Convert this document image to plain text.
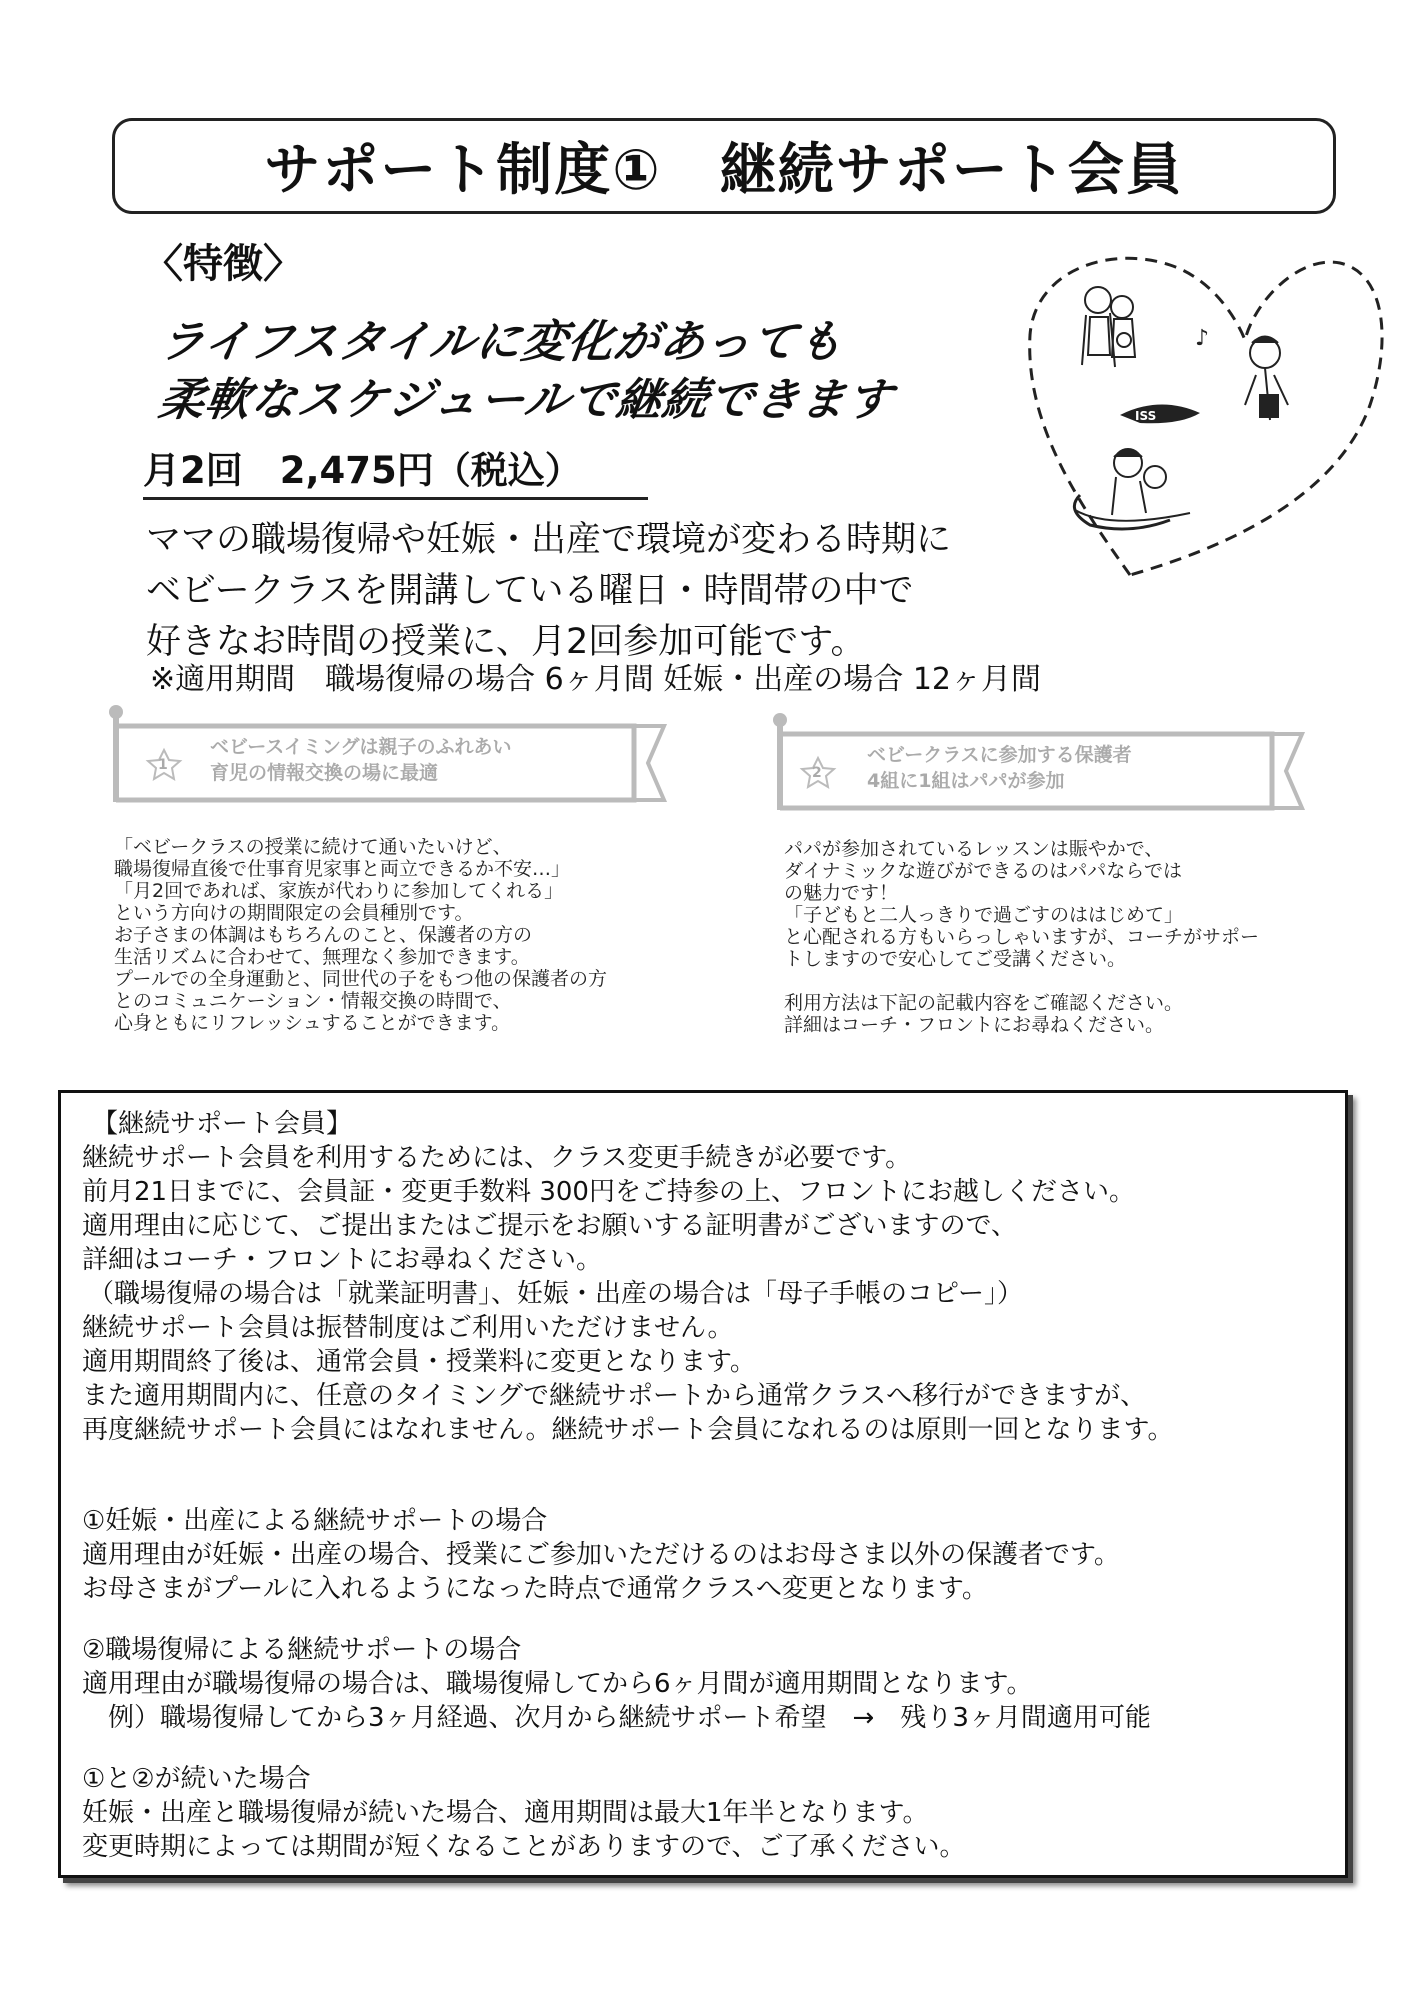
サポート制度①　継続サポート会員
〈特徴〉
ライフスタイルに変化があっても
柔軟なスケジュールで継続できます
月2回　2,475円（税込）
ママの職場復帰や妊娠・出産で環境が変わる時期に
ベビークラスを開講している曜日・時間帯の中で
好きなお時間の授業に、月2回参加可能です。
※適用期間　職場復帰の場合 6ヶ月間 妊娠・出産の場合 12ヶ月間
♪
ISS
1
ベビースイミングは親子のふれあい
育児の情報交換の場に最適	2
ベビークラスに参加する保護者
4組に1組はパパが参加
「ベビークラスの授業に続けて通いたいけど、
職場復帰直後で仕事育児家事と両立できるか不安…」
「月2回であれば、家族が代わりに参加してくれる」
という方向けの期間限定の会員種別です。
お子さまの体調はもちろんのこと、保護者の方の
生活リズムに合わせて、無理なく参加できます。
プールでの全身運動と、同世代の子をもつ他の保護者の方
とのコミュニケーション・情報交換の時間で、
心身ともにリフレッシュすることができます。
パパが参加されているレッスンは賑やかで、
ダイナミックな遊びができるのはパパならでは
の魅力です！
「子どもと二人っきりで過ごすのははじめて」
と心配される方もいらっしゃいますが、コーチがサポー
トしますので安心してご受講ください。
利用方法は下記の記載内容をご確認ください。
詳細はコーチ・フロントにお尋ねください。
【継続サポート会員】
継続サポート会員を利用するためには、クラス変更手続きが必要です。
前月21日までに、会員証・変更手数料 300円をご持参の上、フロントにお越しください。
適用理由に応じて、ご提出またはご提示をお願いする証明書がございますので、
詳細はコーチ・フロントにお尋ねください。
（職場復帰の場合は「就業証明書」、妊娠・出産の場合は「母子手帳のコピー」）
継続サポート会員は振替制度はご利用いただけません。
適用期間終了後は、通常会員・授業料に変更となります。
また適用期間内に、任意のタイミングで継続サポートから通常クラスへ移行ができますが、
再度継続サポート会員にはなれません。継続サポート会員になれるのは原則一回となります。
①妊娠・出産による継続サポートの場合
適用理由が妊娠・出産の場合、授業にご参加いただけるのはお母さま以外の保護者です。
お母さまがプールに入れるようになった時点で通常クラスへ変更となります。
②職場復帰による継続サポートの場合
適用理由が職場復帰の場合は、職場復帰してから6ヶ月間が適用期間となります。
　例）職場復帰してから3ヶ月経過、次月から継続サポート希望　→　残り3ヶ月間適用可能
①と②が続いた場合
妊娠・出産と職場復帰が続いた場合、適用期間は最大1年半となります。
変更時期によっては期間が短くなることがありますので、ご了承ください。
